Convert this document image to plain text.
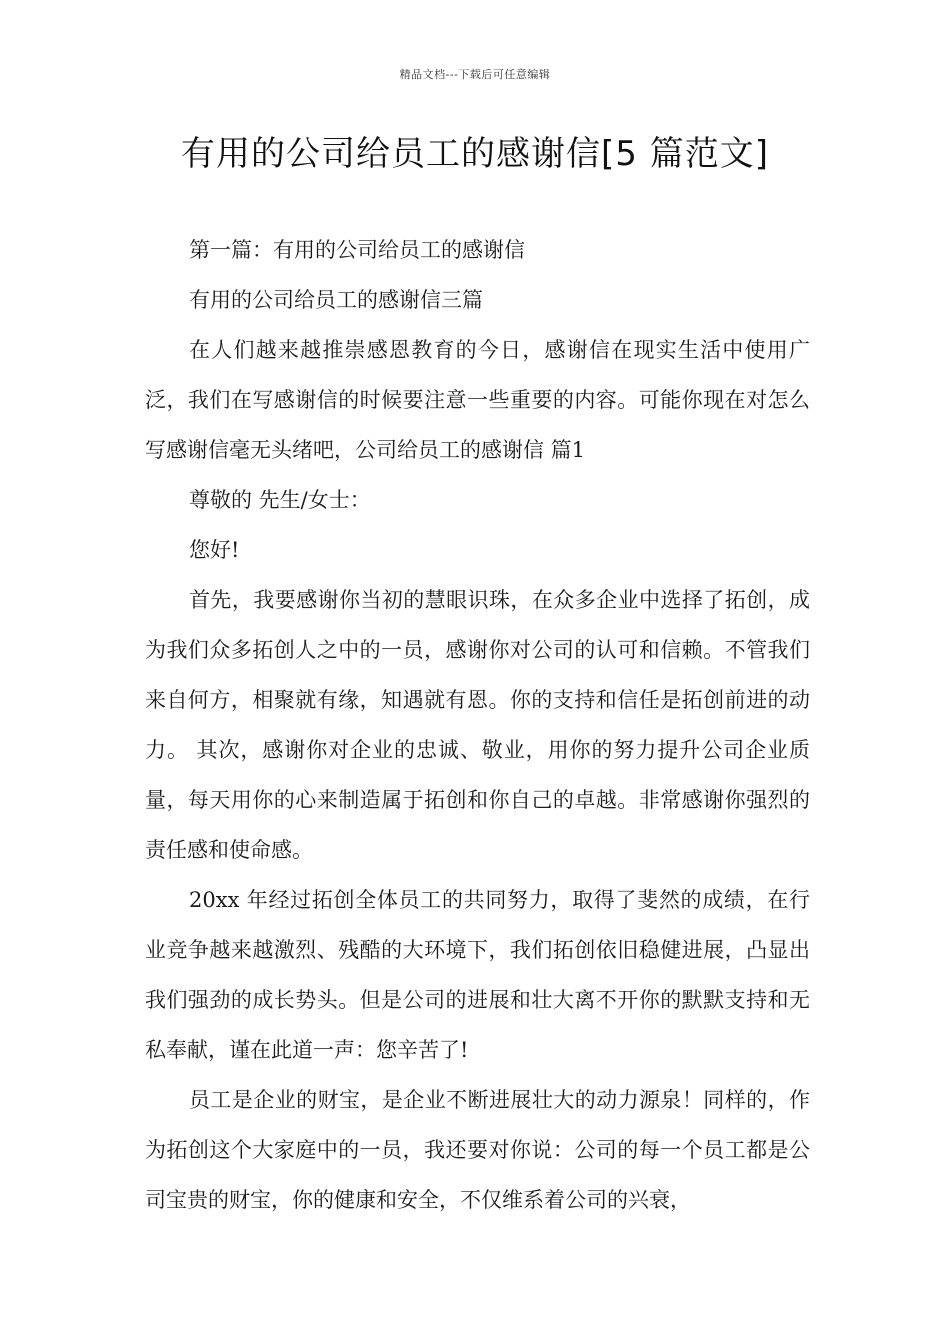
精品文档---下载后可任意编辑
有用的公司给员工的感谢信[5 篇范文]

第一篇：有用的公司给员工的感谢信

有用的公司给员工的感谢信三篇

在人们越来越推崇感恩教育的今日，感谢信在现实生活中使用广泛，我们在写感谢信的时候要注意一些重要的内容。可能你现在对怎么写感谢信毫无头绪吧，公司给员工的感谢信 篇1

尊敬的 先生/女士：

您好!

首先，我要感谢你当初的慧眼识珠，在众多企业中选择了拓创，成为我们众多拓创人之中的一员，感谢你对公司的认可和信赖。不管我们来自何方，相聚就有缘，知遇就有恩。你的支持和信任是拓创前进的动力。 其次，感谢你对企业的忠诚、敬业，用你的努力提升公司企业质量，每天用你的心来制造属于拓创和你自己的卓越。非常感谢你强烈的责任感和使命感。

20xx 年经过拓创全体员工的共同努力，取得了斐然的成绩，在行业竞争越来越激烈、残酷的大环境下，我们拓创依旧稳健进展，凸显出我们强劲的成长势头。但是公司的进展和壮大离不开你的默默支持和无私奉献，谨在此道一声：您辛苦了!

员工是企业的财宝，是企业不断进展壮大的动力源泉！同样的，作为拓创这个大家庭中的一员，我还要对你说：公司的每一个员工都是公司宝贵的财宝，你的健康和安全，不仅维系着公司的兴衰，
